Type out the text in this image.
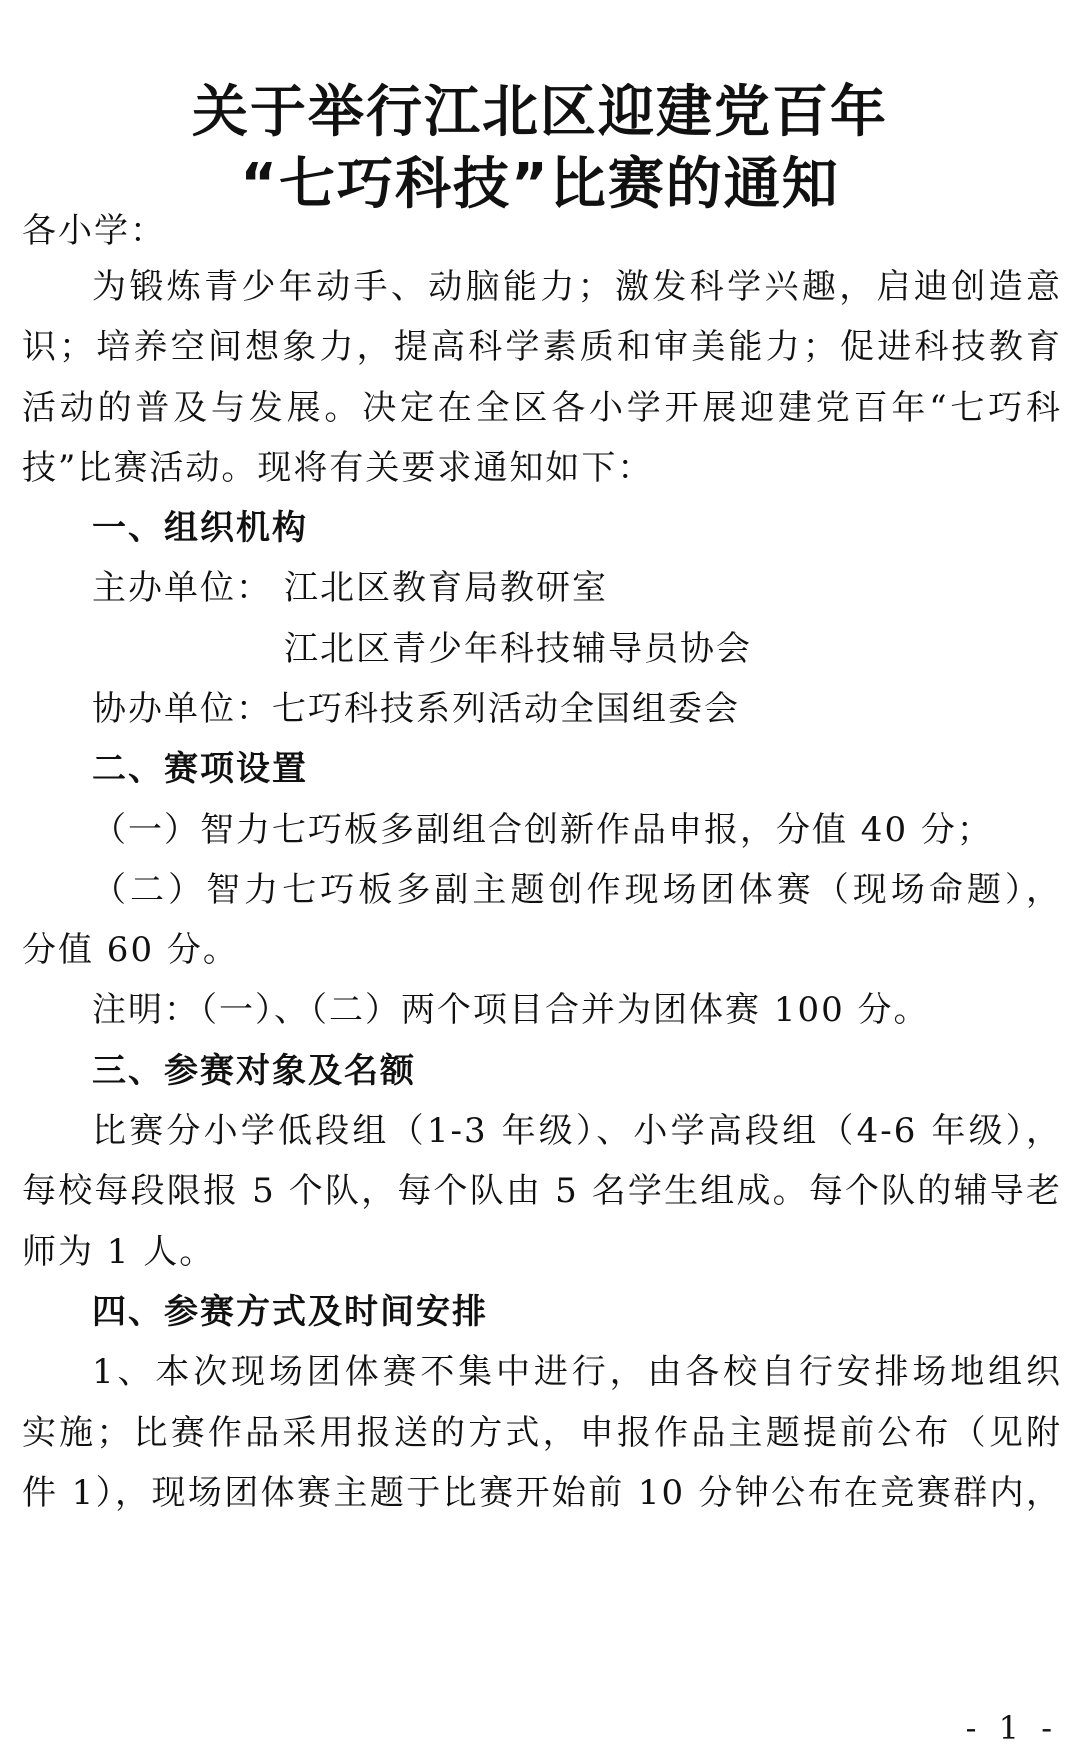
关于举行江北区迎建党百年
“七巧科技”比赛的通知
各小学：
为锻炼青少年动手、动脑能力；激发科学兴趣，启迪创造意
识；培养空间想象力，提高科学素质和审美能力；促进科技教育
活动的普及与发展。决定在全区各小学开展迎建党百年“七巧科
技”比赛活动。现将有关要求通知如下：
一、组织机构
主办单位： 江北区教育局教研室
江北区青少年科技辅导员协会
协办单位：七巧科技系列活动全国组委会
二、赛项设置
（一）智力七巧板多副组合创新作品申报，分值 40 分；
（二）智力七巧板多副主题创作现场团体赛（现场命题），
分值 60 分。
注明：（一）、（二）两个项目合并为团体赛 100 分。
三、参赛对象及名额
比赛分小学低段组（1-3 年级）、小学高段组（4-6 年级），
每校每段限报 5 个队，每个队由 5 名学生组成。每个队的辅导老
师为 1 人。
四、参赛方式及时间安排
1、本次现场团体赛不集中进行，由各校自行安排场地组织
实施；比赛作品采用报送的方式，申报作品主题提前公布（见附
件 1），现场团体赛主题于比赛开始前 10 分钟公布在竞赛群内，
- 1 -
